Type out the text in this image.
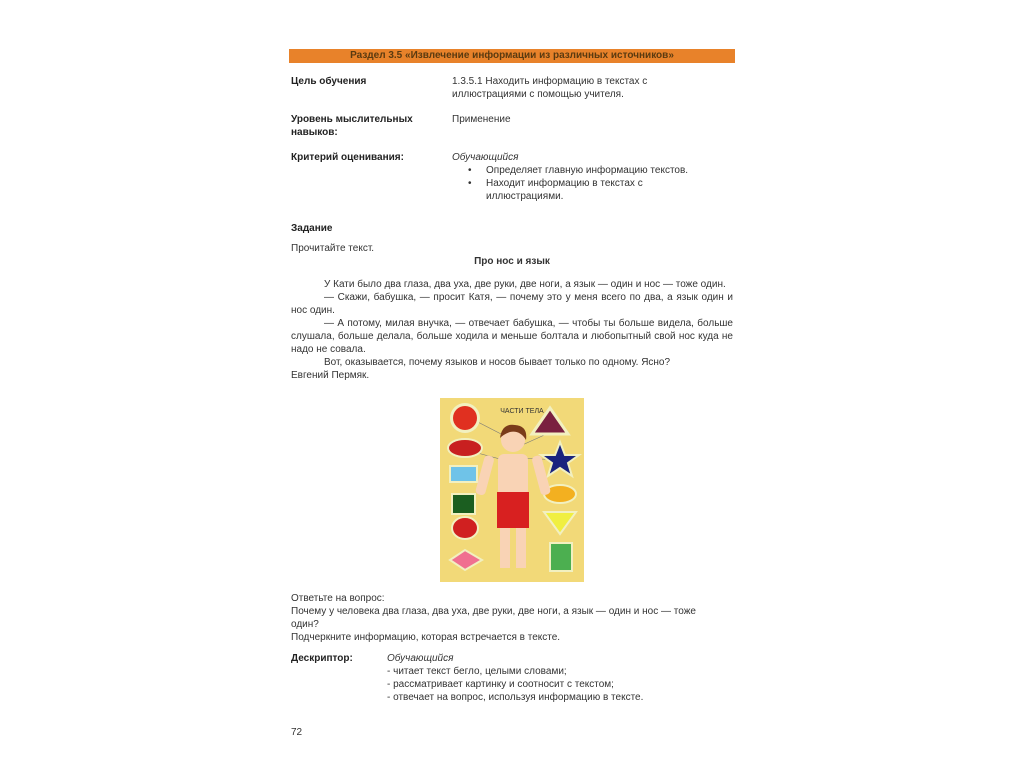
Раздел 3.5 «Извлечение информации из различных источников»
Цель обучения	1.3.5.1 Находить информацию в текстах с иллюстрациями с помощью учителя.
Уровень мыслительных навыков:
Применение
Критерий оценивания:	Обучающийся
• Определяет главную информацию текстов.
• Находит информацию в текстах с иллюстрациями.
Задание
Прочитайте текст.
Про нос и язык

У Кати было два глаза, два уха, две руки, две ноги, а язык — один и нос — тоже один.

— Скажи, бабушка, — просит Катя, — почему это у меня всего по два, а язык один и нос один.

— А потому, милая внучка, — отвечает бабушка, — чтобы ты больше видела, больше слушала, больше делала, больше ходила и меньше болтала и любопытный свой нос куда не надо не совала.

Вот, оказывается, почему языков и носов бывает только по одному. Ясно?

Евгений Пермяк.

ЧАСТИ ТЕЛА
Ответьте на вопрос:
Почему у человека два глаза, два уха, две руки, две ноги, а язык — один и нос — тоже один?
Подчеркните информацию, которая встречается в тексте.
Дескриптор:	Обучающийся
- читает текст бегло, целыми словами;
- рассматривает картинку и соотносит с текстом;
- отвечает на вопрос, используя информацию в тексте.
72
